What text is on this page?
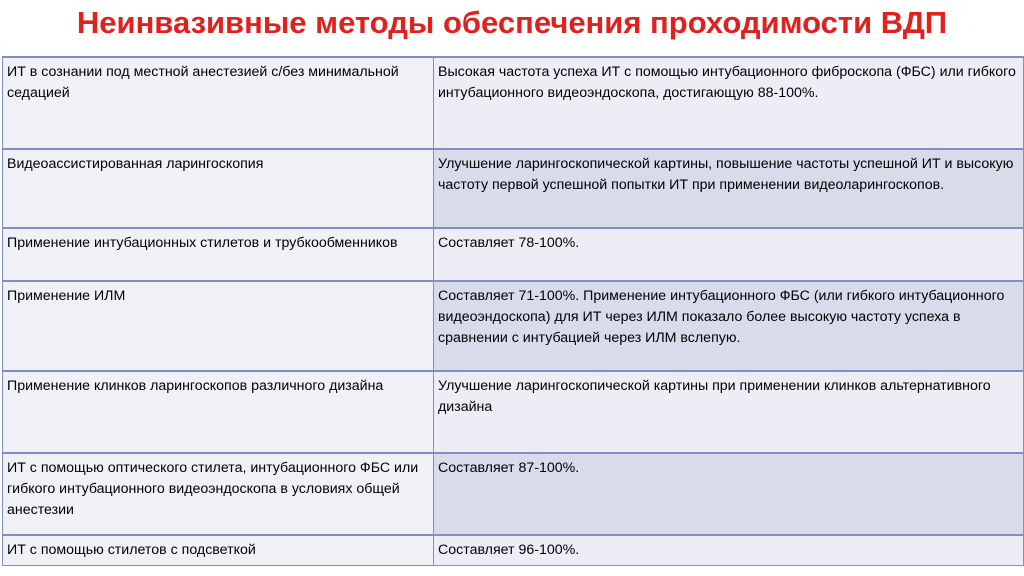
Неинвазивные методы обеспечения проходимости ВДП
ИТ в сознании под местной анестезией с/без минимальной седацией	Высокая частота успеха ИТ с помощью интубационного фиброскопа (ФБС) или гибкого интубационного видеоэндоскопа, достигающую 88-100%.
Видеоассистированная ларингоскопия	Улучшение ларингоскопической картины, повышение частоты успешной ИТ и высокую частоту первой успешной попытки ИТ при применении видеоларингоскопов.
Применение интубационных стилетов и трубкообменников	Составляет 78-100%.
Применение ИЛМ	Составляет 71-100%. Применение интубационного ФБС (или гибкого интубационного видеоэндоскопа) для ИТ через ИЛМ показало более высокую частоту успеха в сравнении с интубацией через ИЛМ вслепую.
Применение клинков ларингоскопов различного дизайна	Улучшение ларингоскопической картины при применении клинков альтернативного дизайна
ИТ с помощью оптического стилета, интубационного ФБС или гибкого интубационного видеоэндоскопа в условиях общей анестезии	Составляет 87-100%.
ИТ с помощью стилетов с подсветкой	Составляет 96-100%.
